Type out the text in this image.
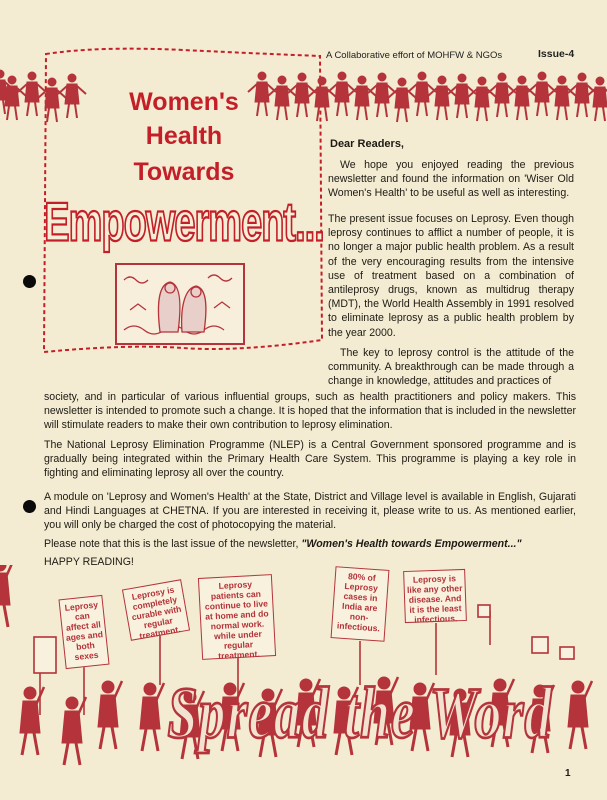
A Collaborative effort of MOHFW & NGOs	Issue-4
Women's
Health
Towards
Empowerment...
Dear Readers,

We hope you enjoyed reading the previous newsletter and found the information on 'Wiser Old Women's Health' to be useful as well as interesting.

The present issue focuses on Leprosy. Even though leprosy continues to afflict a number of people, it is no longer a major public health problem. As a result of the very encouraging results from the intensive use of treatment based on a combination of antileprosy drugs, known as multidrug therapy (MDT), the World Health Assembly in 1991 resolved to eliminate leprosy as a public health problem by the year 2000.

The key to leprosy control is the attitude of the community. A breakthrough can be made through a change in knowledge, attitudes and practices of

society, and in particular of various influential groups, such as health practitioners and policy makers. This newsletter is intended to promote such a change. It is hoped that the information that is included in the newsletter will stimulate readers to make their own contribution to leprosy elimination.

The National Leprosy Elimination Programme (NLEP) is a Central Government sponsored programme and is gradually being integrated within the Primary Health Care System. This programme is playing a key role in fighting and eliminating leprosy all over the country.

A module on 'Leprosy and Women's Health' at the State, District and Village level is available in English, Gujarati and Hindi Languages at CHETNA. If you are interested in receiving it, please write to us. As mentioned earlier, you will only be charged the cost of photocopying the material.

Please note that this is the last issue of the newsletter, "Women's Health towards Empowerment..."

HAPPY READING!
Leprosy can affect all ages and both sexes
Leprosy is completely curable with regular treatment.
Leprosy patients can continue to live at home and do normal work. while under regular treatment.
80% of Leprosy cases in India are non-infectious.
Leprosy is like any other disease. And it is the least infectious.
Spread the Word
1
